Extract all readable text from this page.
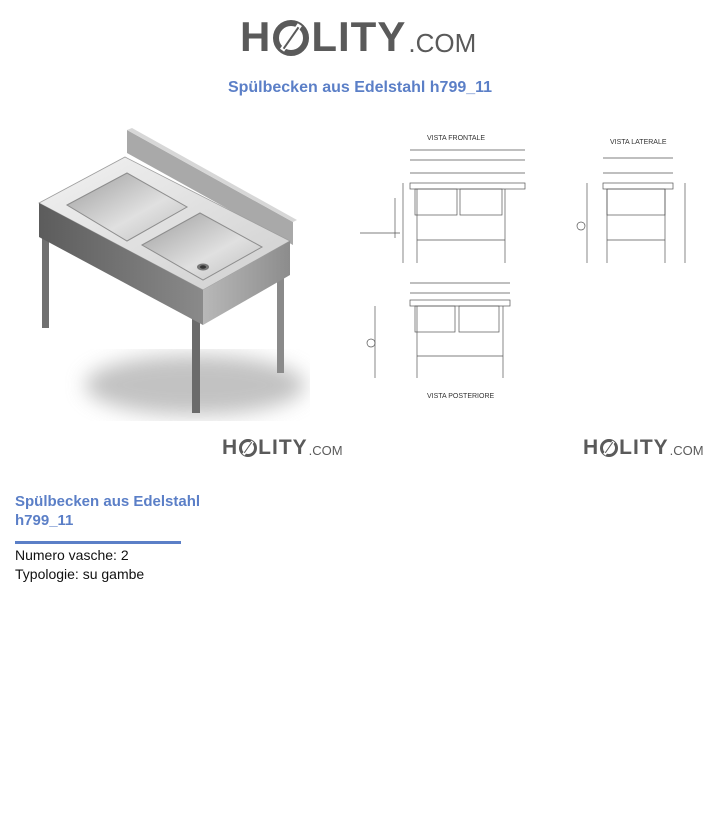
H LITY .COM
Spülbecken aus Edelstahl h799_11
VISTA FRONTALE
VISTA LATERALE
VISTA POSTERIORE
H LITY .COM	H LITY .COM
Spülbecken aus Edelstahl h799_11
Numero vasche: 2
Typologie: su gambe
